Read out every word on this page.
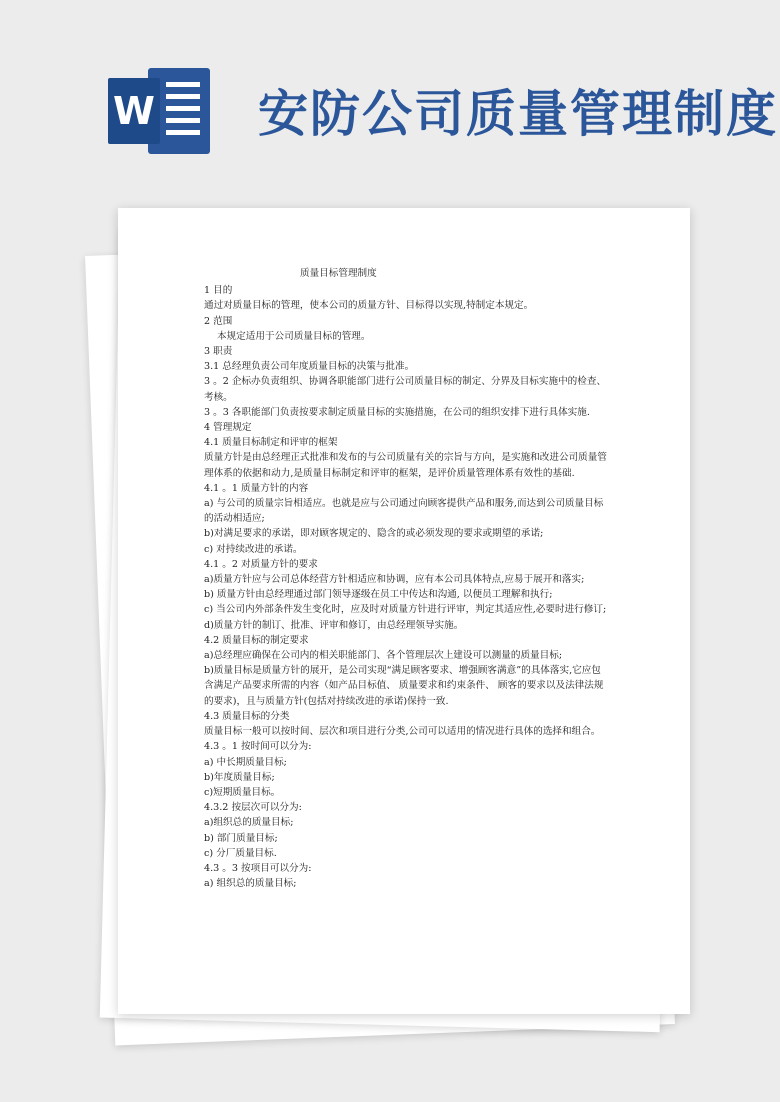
W 安防公司质量管理制度

质量目标管理制度

1 目的

通过对质量目标的管理，使本公司的质量方针、目标得以实现,特制定本规定。

2 范围

本规定适用于公司质量目标的管理。

3 职责

3.1 总经理负责公司年度质量目标的决策与批准。

3 。2 企标办负责组织、协调各职能部门进行公司质量目标的制定、分界及目标实施中的检查、考核。

3 。3 各职能部门负责按要求制定质量目标的实施措施，在公司的组织安排下进行具体实施.

4 管理规定

4.1 质量目标制定和评审的框架

质量方针是由总经理正式批准和发布的与公司质量有关的宗旨与方向，是实施和改进公司质量管理体系的依据和动力,是质量目标制定和评审的框架，是评价质量管理体系有效性的基础.

4.1 。1 质量方针的内容

a) 与公司的质量宗旨相适应。也就是应与公司通过向顾客提供产品和服务,而达到公司质量目标的活动相适应;

b)对满足要求的承诺，即对顾客规定的、隐含的或必须发现的要求或期望的承诺;

c) 对持续改进的承诺。

4.1 。2 对质量方针的要求

a)质量方针应与公司总体经营方针相适应和协调，应有本公司具体特点,应易于展开和落实;

b) 质量方针由总经理通过部门领导逐级在员工中传达和沟通, 以便员工理解和执行;

c) 当公司内外部条件发生变化时，应及时对质量方针进行评审，判定其适应性,必要时进行修订;

d)质量方针的制订、批准、评审和修订，由总经理领导实施。

4.2 质量目标的制定要求

a)总经理应确保在公司内的相关职能部门、各个管理层次上建设可以测量的质量目标;

b)质量目标是质量方针的展开，是公司实现“满足顾客要求、增强顾客满意”的具体落实,它应包含满足产品要求所需的内容（如产品目标值、 质量要求和约束条件、 顾客的要求以及法律法规的要求)，且与质量方针(包括对持续改进的承诺)保持一致.

4.3 质量目标的分类

质量目标一般可以按时间、层次和项目进行分类,公司可以适用的情况进行具体的选择和组合。

4.3 。1 按时间可以分为:

a) 中长期质量目标;

b)年度质量目标;

c)短期质量目标。

4.3.2 按层次可以分为:

a)组织总的质量目标;

b) 部门质量目标;

c) 分厂质量目标.

4.3 。3 按项目可以分为:

a) 组织总的质量目标;
